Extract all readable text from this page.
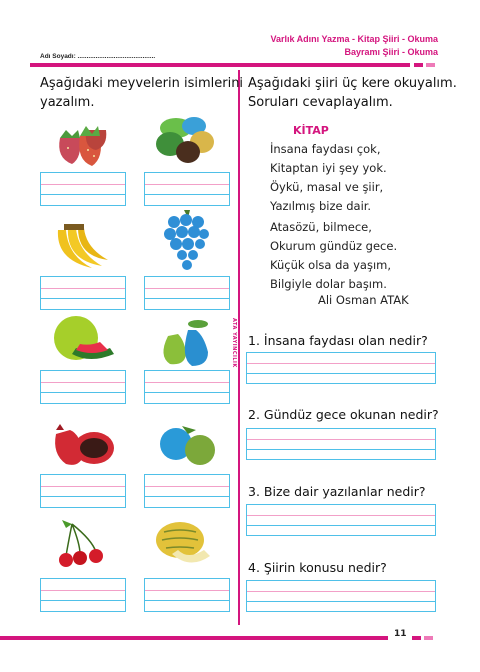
Varlık Adını Yazma - Kitap Şiiri - Okuma
Bayramı Şiiri - Okuma
Adı Soyadı: ...........................................
ATA YAYINCILIK
Aşağıdaki meyvelerin isimlerini
yazalım.
Aşağıdaki şiiri üç kere okuyalım.
Soruları cevaplayalım.
KİTAP
İnsana faydası çok,
Kitaptan iyi şey yok.
Öykü, masal ve şiir,
Yazılmış bize dair.
Atasözü, bilmece,
Okurum gündüz gece.
Küçük olsa da yaşım,
Bilgiyle dolar başım.
Ali Osman ATAK
1. İnsana faydası olan nedir?
2. Gündüz gece okunan nedir?
3. Bize dair yazılanlar nedir?
4. Şiirin konusu nedir?
11
